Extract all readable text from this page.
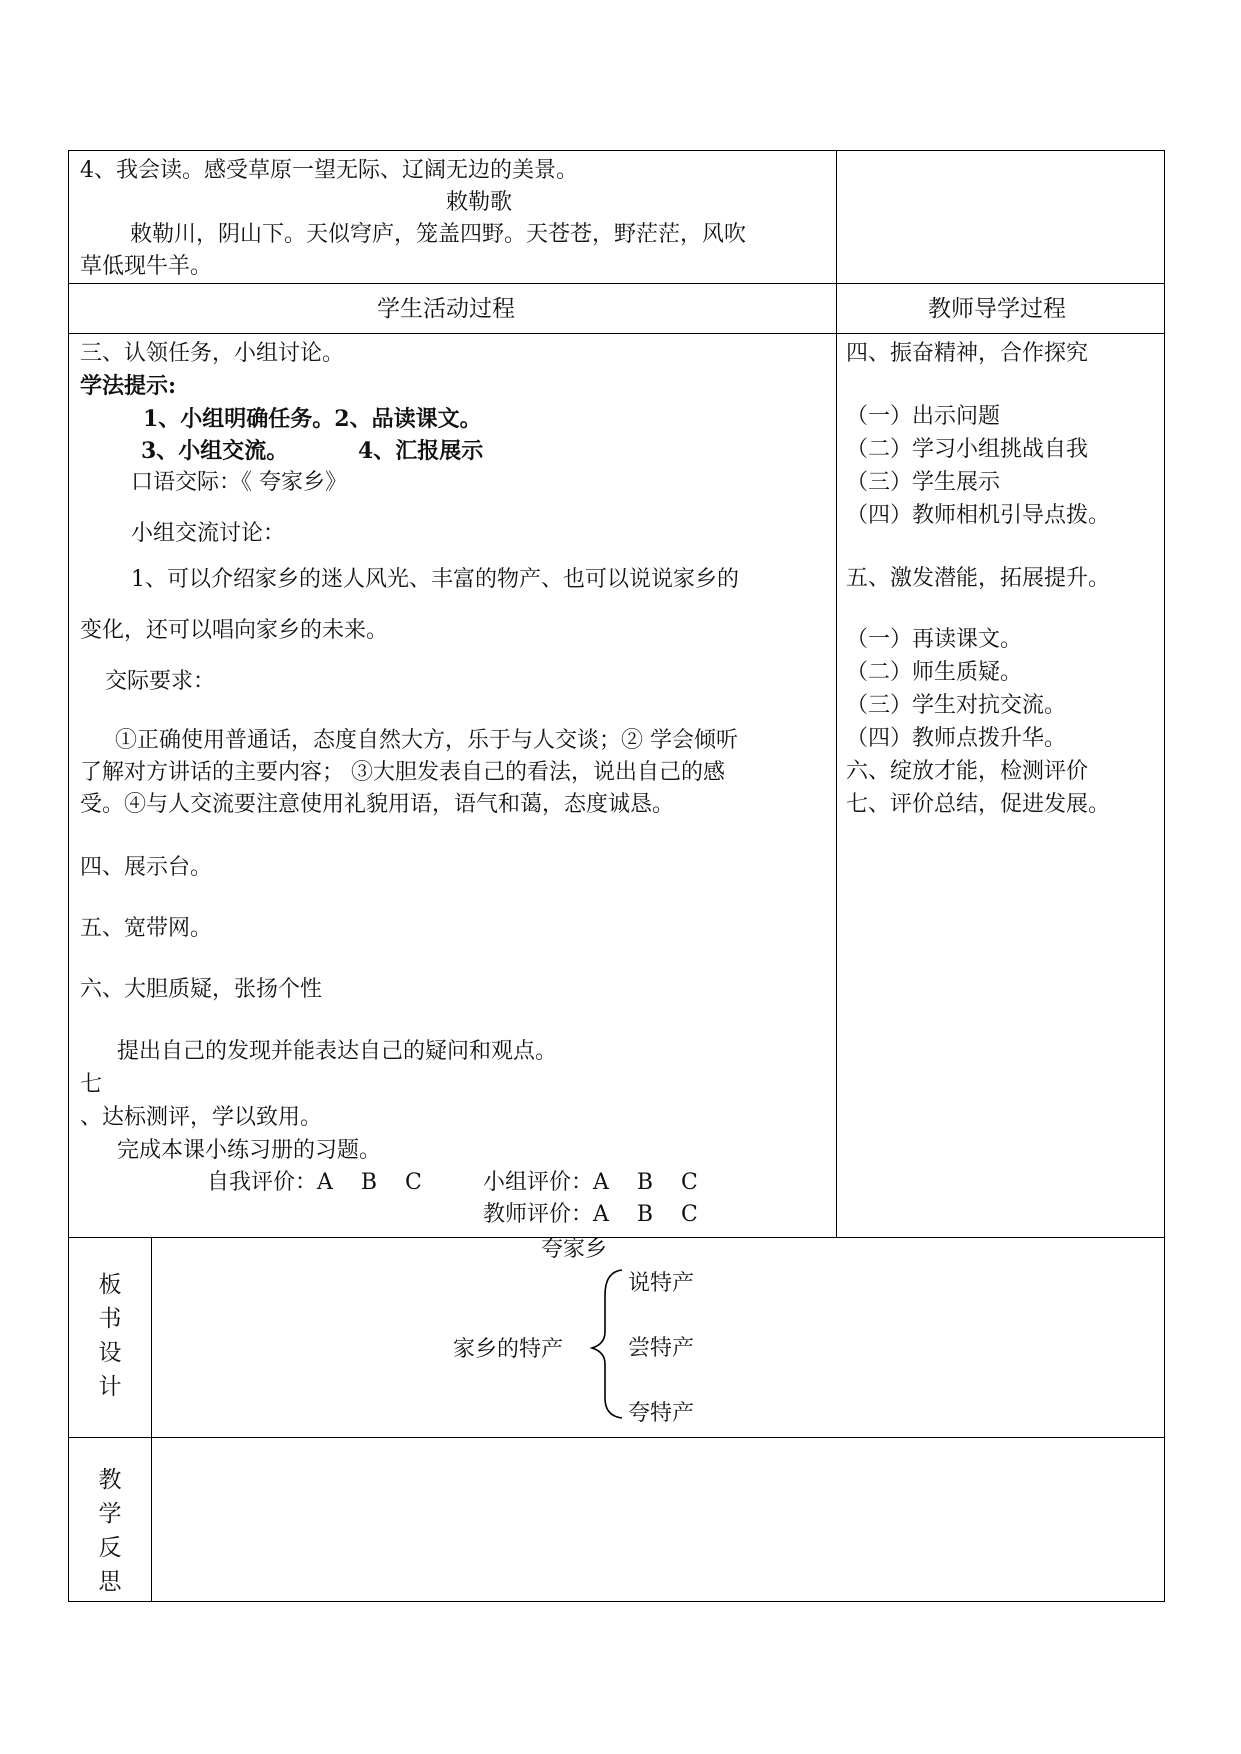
4、我会读。感受草原一望无际、辽阔无边的美景。
敕勒歌
敕勒川，阴山下。天似穹庐，笼盖四野。天苍苍，野茫茫，风吹
草低现牛羊。
学生活动过程	教师导学过程
三、认领任务，小组讨论。
学法提示:
1、小组明确任务。2、品读课文。
3、小组交流。	4、汇报展示
口语交际：《 夸家乡》
小组交流讨论：
1、可以介绍家乡的迷人风光、丰富的物产、也可以说说家乡的
变化，还可以唱向家乡的未来。
交际要求：
①正确使用普通话，态度自然大方，乐于与人交谈；② 学会倾听
了解对方讲话的主要内容； ③大胆发表自己的看法，说出自己的感
受。④与人交流要注意使用礼貌用语，语气和蔼，态度诚恳。
四、展示台。
五、宽带网。
六、大胆质疑，张扬个性
提出自己的发现并能表达自己的疑问和观点。
七
、达标测评，学以致用。
完成本课小练习册的习题。
自我评价：A    B    C	小组评价：A    B    C
教师评价：A    B    C
四、振奋精神，合作探究
（一）出示问题
（二）学习小组挑战自我
（三）学生展示
（四）教师相机引导点拨。
五、激发潜能，拓展提升。
（一）再读课文。
（二）师生质疑。
（三）学生对抗交流。
（四）教师点拨升华。
六、绽放才能，检测评价
七、评价总结，促进发展。
板
书
设
计
夸家乡
家乡的特产
说特产
尝特产
夸特产
教
学
反
思
